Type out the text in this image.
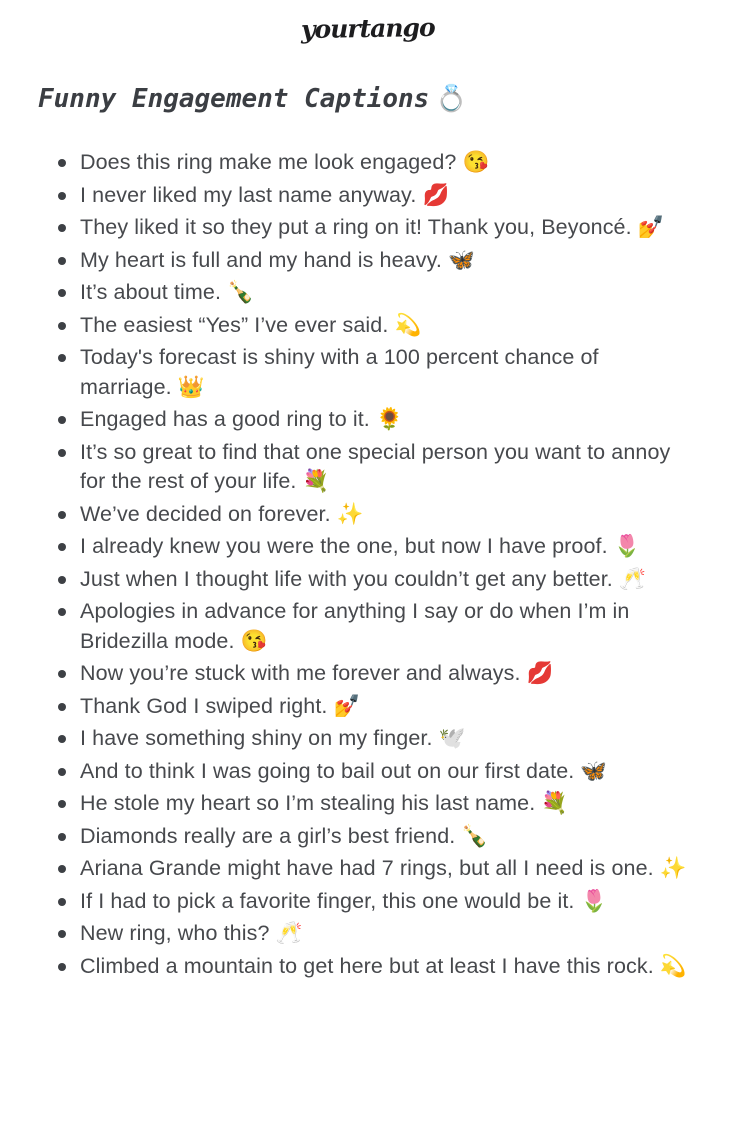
yourtango
Funny Engagement Captions 💍
Does this ring make me look engaged? 😘
I never liked my last name anyway. 💋
They liked it so they put a ring on it! Thank you, Beyoncé. 💅
My heart is full and my hand is heavy. 🦋
It’s about time. 🍾
The easiest “Yes” I’ve ever said. 💫
Today's forecast is shiny with a 100 percent chance of marriage. 👑
Engaged has a good ring to it. 🌻
It’s so great to find that one special person you want to annoy for the rest of your life. 💐
We’ve decided on forever. ✨
I already knew you were the one, but now I have proof. 🌷
Just when I thought life with you couldn’t get any better. 🥂
Apologies in advance for anything I say or do when I’m in Bridezilla mode. 😘
Now you’re stuck with me forever and always. 💋
Thank God I swiped right. 💅
I have something shiny on my finger. 🕊️
And to think I was going to bail out on our first date. 🦋
He stole my heart so I’m stealing his last name. 💐
Diamonds really are a girl’s best friend. 🍾
Ariana Grande might have had 7 rings, but all I need is one. ✨
If I had to pick a favorite finger, this one would be it. 🌷
New ring, who this? 🥂
Climbed a mountain to get here but at least I have this rock. 💫
